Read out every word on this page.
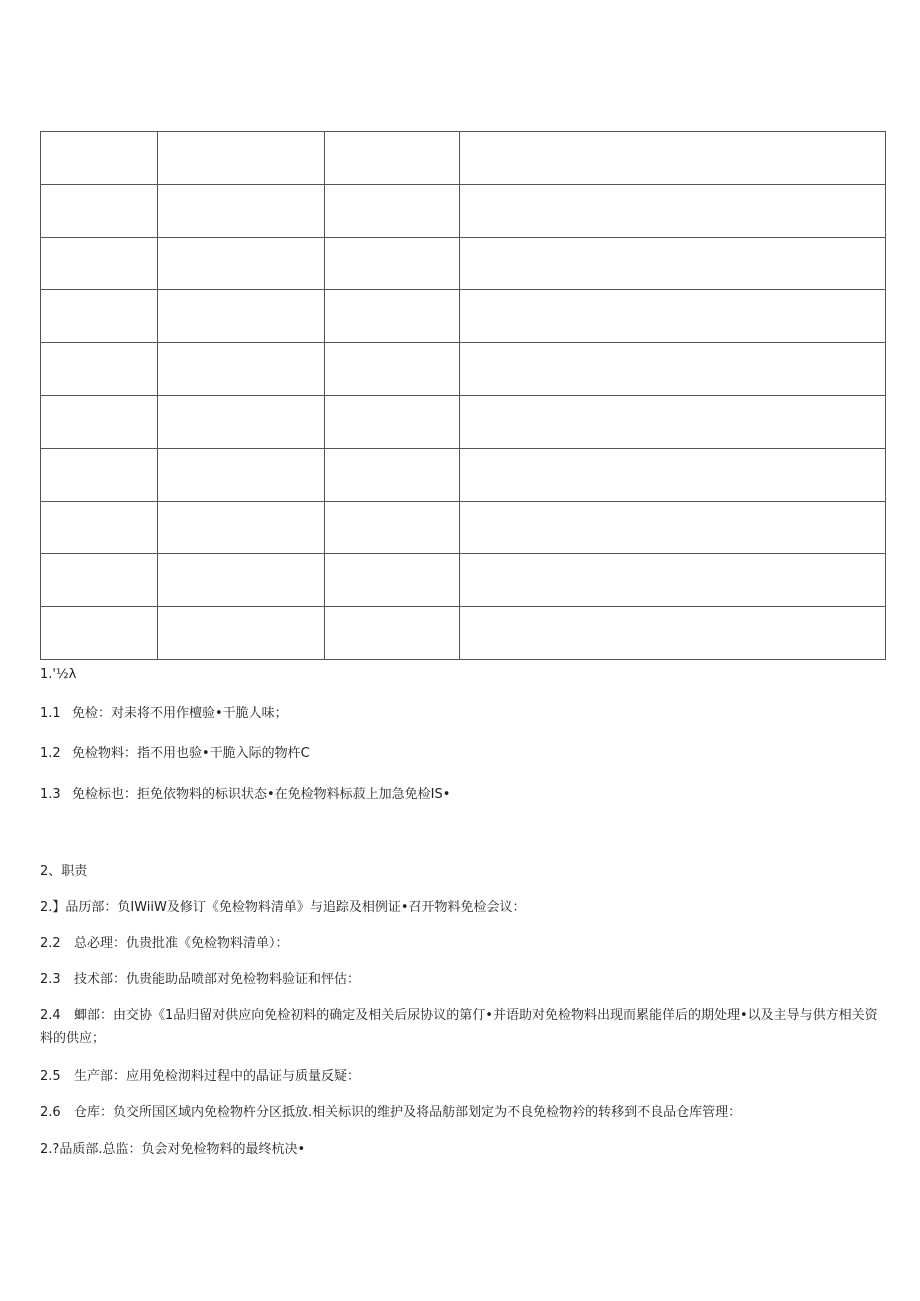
1.'½λ
1.1 免检：对耒将不用作檀验•干脆人味；
1.2 免检物料：指不用也验•干脆入际的物杵C
1.3 免检标也：拒免依物料的标识状态•在免检物料标菽上加急免检IS•
2、职责
2.】品历部：负IWiiW及修订《免检物料清单》与追踪及相例证•召开物料免检会议：
2.2 总必理：仇贵批准《免检物料清单）：
2.3 技术部：仇贵能助品喷部对免检物料验证和怦估：
2.4 蝍部：由交协《1品归留对供应向免检初料的确定及相关后尿协议的第仃•并语助对免检物料出现而累能佯后的期处理•以及主导与供方相关资料的供应；
2.5 生产部：应用免检沏料过程中的晶证与质量反疑：
2.6 仓库：负交所国区域内免检物杵分区抵放.相关标识的维护及将品舫部划定为不良免检物衿的转移到不良品仓库管理：
2.?品质部.总监：负会对免检物料的最终杭决•
